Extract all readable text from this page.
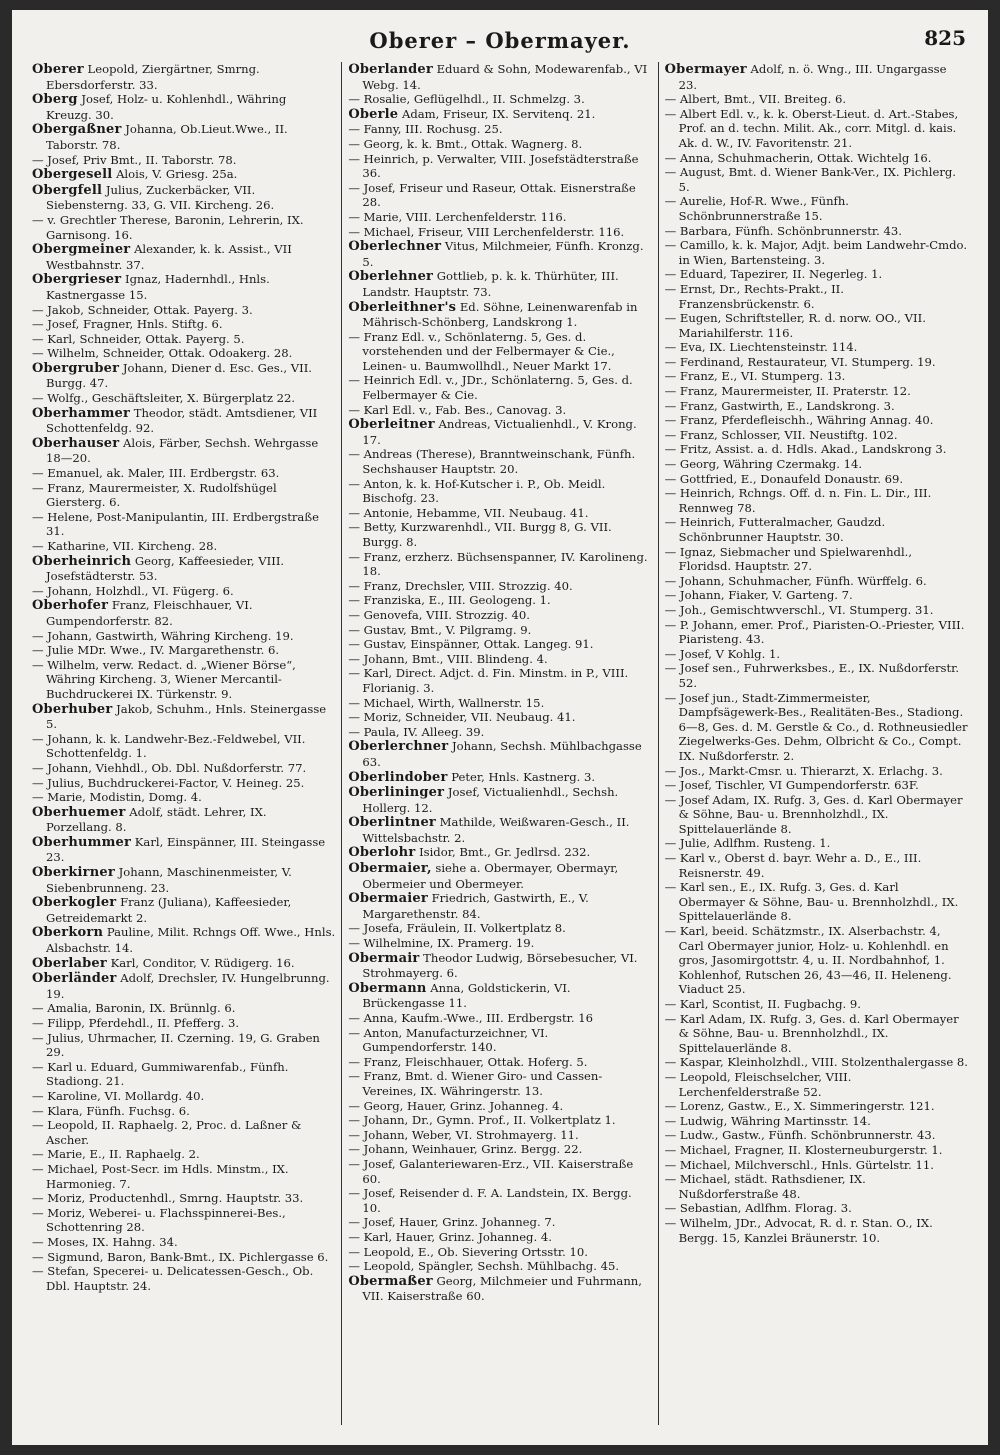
Oberer – Obermayer.	825

Oberer Leopold, Ziergärtner, Smrng. Ebersdorferstr. 33.

Oberg Josef, Holz- u. Kohlenhdl., Währing Kreuzg. 30.

Obergaßner Johanna, Ob.Lieut.Wwe., II. Taborstr. 78.

— Josef, Priv Bmt., II. Taborstr. 78.

Obergesell Alois, V. Griesg. 25a.

Obergfell Julius, Zuckerbäcker, VII. Siebensterng. 33, G. VII. Kircheng. 26.

— v. Grechtler Therese, Baronin, Lehrerin, IX. Garnisong. 16.

Obergmeiner Alexander, k. k. Assist., VII Westbahnstr. 37.

Obergrieser Ignaz, Hadernhdl., Hnls. Kastnergasse 15.

— Jakob, Schneider, Ottak. Payerg. 3.

— Josef, Fragner, Hnls. Stiftg. 6.

— Karl, Schneider, Ottak. Payerg. 5.

— Wilhelm, Schneider, Ottak. Odoakerg. 28.

Obergruber Johann, Diener d. Esc. Ges., VII. Burgg. 47.

— Wolfg., Geschäftsleiter, X. Bürgerplatz 22.

Oberhammer Theodor, städt. Amtsdiener, VII Schottenfeldg. 92.

Oberhauser Alois, Färber, Sechsh. Wehrgasse 18—20.

— Emanuel, ak. Maler, III. Erdbergstr. 63.

— Franz, Maurermeister, X. Rudolfshügel Giersterg. 6.

— Helene, Post-Manipulantin, III. Erdbergstraße 31.

— Katharine, VII. Kircheng. 28.

Oberheinrich Georg, Kaffeesieder, VIII. Josefstädterstr. 53.

— Johann, Holzhdl., VI. Fügerg. 6.

Oberhofer Franz, Fleischhauer, VI. Gumpendorferstr. 82.

— Johann, Gastwirth, Währing Kircheng. 19.

— Julie MDr. Wwe., IV. Margarethenstr. 6.

— Wilhelm, verw. Redact. d. „Wiener Börse“, Währing Kircheng. 3, Wiener Mercantil-Buchdruckerei IX. Türkenstr. 9.

Oberhuber Jakob, Schuhm., Hnls. Steinergasse 5.

— Johann, k. k. Landwehr-Bez.-Feldwebel, VII. Schottenfeldg. 1.

— Johann, Viehhdl., Ob. Dbl. Nußdorferstr. 77.

— Julius, Buchdruckerei-Factor, V. Heineg. 25.

— Marie, Modistin, Domg. 4.

Oberhuemer Adolf, städt. Lehrer, IX. Porzellang. 8.

Oberhummer Karl, Einspänner, III. Steingasse 23.

Oberkirner Johann, Maschinenmeister, V. Siebenbrunneng. 23.

Oberkogler Franz (Juliana), Kaffeesieder, Getreidemarkt 2.

Oberkorn Pauline, Milit. Rchngs Off. Wwe., Hnls. Alsbachstr. 14.

Oberlaber Karl, Conditor, V. Rüdigerg. 16.

Oberländer Adolf, Drechsler, IV. Hungelbrunng. 19.

— Amalia, Baronin, IX. Brünnlg. 6.

— Filipp, Pferdehdl., II. Pfefferg. 3.

— Julius, Uhrmacher, II. Czerning. 19, G. Graben 29.

— Karl u. Eduard, Gummiwarenfab., Fünfh. Stadiong. 21.

— Karoline, VI. Mollardg. 40.

— Klara, Fünfh. Fuchsg. 6.

— Leopold, II. Raphaelg. 2, Proc. d. Laßner & Ascher.

— Marie, E., II. Raphaelg. 2.

— Michael, Post-Secr. im Hdls. Minstm., IX. Harmonieg. 7.

— Moriz, Productenhdl., Smrng. Hauptstr. 33.

— Moriz, Weberei- u. Flachsspinnerei-Bes., Schottenring 28.

— Moses, IX. Hahng. 34.

— Sigmund, Baron, Bank-Bmt., IX. Pichlergasse 6.

— Stefan, Specerei- u. Delicatessen-Gesch., Ob. Dbl. Hauptstr. 24.

Oberlander Eduard & Sohn, Modewarenfab., VI Webg. 14.

— Rosalie, Geflügelhdl., II. Schmelzg. 3.

Oberle Adam, Friseur, IX. Servitenq. 21.

— Fanny, III. Rochusg. 25.

— Georg, k. k. Bmt., Ottak. Wagnerg. 8.

— Heinrich, p. Verwalter, VIII. Josefstädterstraße 36.

— Josef, Friseur und Raseur, Ottak. Eisnerstraße 28.

— Marie, VIII. Lerchenfelderstr. 116.

— Michael, Friseur, VIII Lerchenfelderstr. 116.

Oberlechner Vitus, Milchmeier, Fünfh. Kronzg. 5.

Oberlehner Gottlieb, p. k. k. Thürhüter, III. Landstr. Hauptstr. 73.

Oberleithner's Ed. Söhne, Leinenwarenfab in Mährisch-Schönberg, Landskrong 1.

— Franz Edl. v., Schönlaterng. 5, Ges. d. vorstehenden und der Felbermayer & Cie., Leinen- u. Baumwollhdl., Neuer Markt 17.

— Heinrich Edl. v., JDr., Schönlaterng. 5, Ges. d. Felbermayer & Cie.

— Karl Edl. v., Fab. Bes., Canovag. 3.

Oberleitner Andreas, Victualienhdl., V. Krong. 17.

— Andreas (Therese), Branntweinschank, Fünfh. Sechshauser Hauptstr. 20.

— Anton, k. k. Hof-Kutscher i. P., Ob. Meidl. Bischofg. 23.

— Antonie, Hebamme, VII. Neubaug. 41.

— Betty, Kurzwarenhdl., VII. Burgg 8, G. VII. Burgg. 8.

— Franz, erzherz. Büchsenspanner, IV. Karolineng. 18.

— Franz, Drechsler, VIII. Strozzig. 40.

— Franziska, E., III. Geologeng. 1.

— Genovefa, VIII. Strozzig. 40.

— Gustav, Bmt., V. Pilgramg. 9.

— Gustav, Einspänner, Ottak. Langeg. 91.

— Johann, Bmt., VIII. Blindeng. 4.

— Karl, Direct. Adjct. d. Fin. Minstm. in P., VIII. Florianig. 3.

— Michael, Wirth, Wallnerstr. 15.

— Moriz, Schneider, VII. Neubaug. 41.

— Paula, IV. Alleeg. 39.

Oberlerchner Johann, Sechsh. Mühlbachgasse 63.

Oberlindober Peter, Hnls. Kastnerg. 3.

Oberlininger Josef, Victualienhdl., Sechsh. Hollerg. 12.

Oberlintner Mathilde, Weißwaren-Gesch., II. Wittelsbachstr. 2.

Oberlohr Isidor, Bmt., Gr. Jedlrsd. 232.

Obermaier, siehe a. Obermayer, Obermayr, Obermeier und Obermeyer.

Obermaier Friedrich, Gastwirth, E., V. Margarethenstr. 84.

— Josefa, Fräulein, II. Volkertplatz 8.

— Wilhelmine, IX. Pramerg. 19.

Obermair Theodor Ludwig, Börsebesucher, VI. Strohmayerg. 6.

Obermann Anna, Goldstickerin, VI. Brückengasse 11.

— Anna, Kaufm.-Wwe., III. Erdbergstr. 16

— Anton, Manufacturzeichner, VI. Gumpendorferstr. 140.

— Franz, Fleischhauer, Ottak. Hoferg. 5.

— Franz, Bmt. d. Wiener Giro- und Cassen-Vereines, IX. Währingerstr. 13.

— Georg, Hauer, Grinz. Johanneg. 4.

— Johann, Dr., Gymn. Prof., II. Volkertplatz 1.

— Johann, Weber, VI. Strohmayerg. 11.

— Johann, Weinhauer, Grinz. Bergg. 22.

— Josef, Galanteriewaren-Erz., VII. Kaiserstraße 60.

— Josef, Reisender d. F. A. Landstein, IX. Bergg. 10.

— Josef, Hauer, Grinz. Johanneg. 7.

— Karl, Hauer, Grinz. Johanneg. 4.

— Leopold, E., Ob. Sievering Ortsstr. 10.

— Leopold, Spängler, Sechsh. Mühlbachg. 45.

Obermaßer Georg, Milchmeier und Fuhrmann, VII. Kaiserstraße 60.

Obermayer Adolf, n. ö. Wng., III. Ungargasse 23.

— Albert, Bmt., VII. Breiteg. 6.

— Albert Edl. v., k. k. Oberst-Lieut. d. Art.-Stabes, Prof. an d. techn. Milit. Ak., corr. Mitgl. d. kais. Ak. d. W., IV. Favoritenstr. 21.

— Anna, Schuhmacherin, Ottak. Wichtelg 16.

— August, Bmt. d. Wiener Bank-Ver., IX. Pichlerg. 5.

— Aurelie, Hof-R. Wwe., Fünfh. Schönbrunnerstraße 15.

— Barbara, Fünfh. Schönbrunnerstr. 43.

— Camillo, k. k. Major, Adjt. beim Landwehr-Cmdo. in Wien, Bartensteing. 3.

— Eduard, Tapezirer, II. Negerleg. 1.

— Ernst, Dr., Rechts-Prakt., II. Franzensbrückenstr. 6.

— Eugen, Schriftsteller, R. d. norw. OO., VII. Mariahilferstr. 116.

— Eva, IX. Liechtensteinstr. 114.

— Ferdinand, Restaurateur, VI. Stumperg. 19.

— Franz, E., VI. Stumperg. 13.

— Franz, Maurermeister, II. Praterstr. 12.

— Franz, Gastwirth, E., Landskrong. 3.

— Franz, Pferdefleischh., Währing Annag. 40.

— Franz, Schlosser, VII. Neustiftg. 102.

— Fritz, Assist. a. d. Hdls. Akad., Landskrong 3.

— Georg, Währing Czermakg. 14.

— Gottfried, E., Donaufeld Donaustr. 69.

— Heinrich, Rchngs. Off. d. n. Fin. L. Dir., III. Rennweg 78.

— Heinrich, Futteralmacher, Gaudzd. Schönbrunner Hauptstr. 30.

— Ignaz, Siebmacher und Spielwarenhdl., Floridsd. Hauptstr. 27.

— Johann, Schuhmacher, Fünfh. Würffelg. 6.

— Johann, Fiaker, V. Garteng. 7.

— Joh., Gemischtwverschl., VI. Stumperg. 31.

— P. Johann, emer. Prof., Piaristen-O.-Priester, VIII. Piaristeng. 43.

— Josef, V Kohlg. 1.

— Josef sen., Fuhrwerksbes., E., IX. Nußdorferstr. 52.

— Josef jun., Stadt-Zimmermeister, Dampfsägewerk-Bes., Realitäten-Bes., Stadiong. 6—8, Ges. d. M. Gerstle & Co., d. Rothneusiedler Ziegelwerks-Ges. Dehm, Olbricht & Co., Compt. IX. Nußdorferstr. 2.

— Jos., Markt-Cmsr. u. Thierarzt, X. Erlachg. 3.

— Josef, Tischler, VI Gumpendorferstr. 63F.

— Josef Adam, IX. Rufg. 3, Ges. d. Karl Obermayer & Söhne, Bau- u. Brennholzhdl., IX. Spittelauerlände 8.

— Julie, Adlfhm. Rusteng. 1.

— Karl v., Oberst d. bayr. Wehr a. D., E., III. Reisnerstr. 49.

— Karl sen., E., IX. Rufg. 3, Ges. d. Karl Obermayer & Söhne, Bau- u. Brennholzhdl., IX. Spittelauerlände 8.

— Karl, beeid. Schätzmstr., IX. Alserbachstr. 4, Carl Obermayer junior, Holz- u. Kohlenhdl. en gros, Jasomirgottstr. 4, u. II. Nordbahnhof, 1. Kohlenhof, Rutschen 26, 43—46, II. Heleneng. Viaduct 25.

— Karl, Scontist, II. Fugbachg. 9.

— Karl Adam, IX. Rufg. 3, Ges. d. Karl Obermayer & Söhne, Bau- u. Brennholzhdl., IX. Spittelauerlände 8.

— Kaspar, Kleinholzhdl., VIII. Stolzenthalergasse 8.

— Leopold, Fleischselcher, VIII. Lerchenfelderstraße 52.

— Lorenz, Gastw., E., X. Simmeringerstr. 121.

— Ludwig, Währing Martinsstr. 14.

— Ludw., Gastw., Fünfh. Schönbrunnerstr. 43.

— Michael, Fragner, II. Klosterneuburgerstr. 1.

— Michael, Milchverschl., Hnls. Gürtelstr. 11.

— Michael, städt. Rathsdiener, IX. Nußdorferstraße 48.

— Sebastian, Adlfhm. Florag. 3.

— Wilhelm, JDr., Advocat, R. d. r. Stan. O., IX. Bergg. 15, Kanzlei Bräunerstr. 10.
